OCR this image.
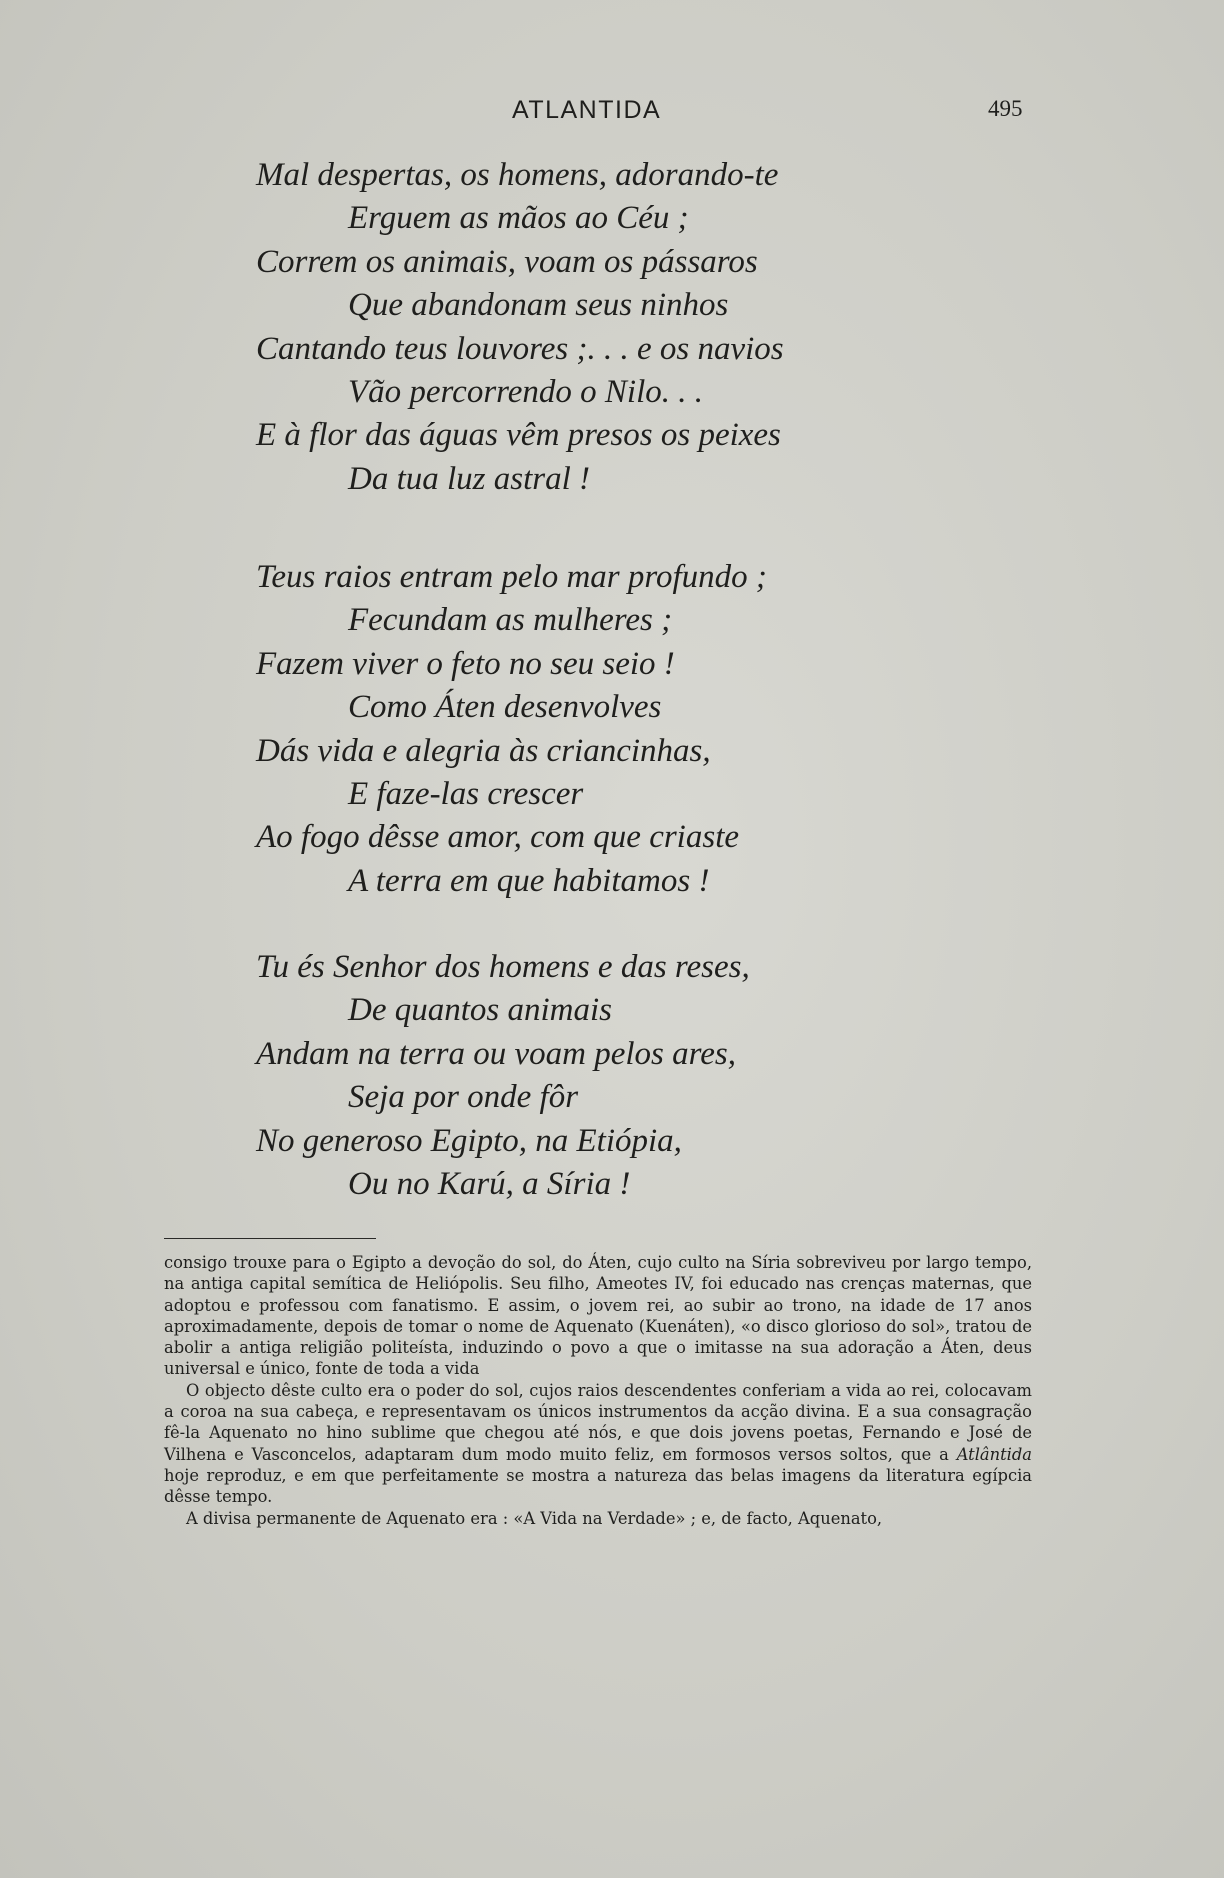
ATLANTIDA	495
Mal despertas, os homens, adorando-te
Erguem as mãos ao Céu ;
Correm os animais, voam os pássaros
Que abandonam seus ninhos
Cantando teus louvores ;. . . e os navios
Vão percorrendo o Nilo. . .
E à flor das águas vêm presos os peixes
Da tua luz astral !
Teus raios entram pelo mar profundo ;
Fecundam as mulheres ;
Fazem viver o feto no seu seio !
Como Áten desenvolves
Dás vida e alegria às criancinhas,
E faze-las crescer
Ao fogo dêsse amor, com que criaste
A terra em que habitamos !
Tu és Senhor dos homens e das reses,
De quantos animais
Andam na terra ou voam pelos ares,
Seja por onde fôr
No generoso Egipto, na Etiópia,
Ou no Karú, a Síria !

consigo trouxe para o Egipto a devoção do sol, do Áten, cujo culto na Síria sobreviveu por largo tempo, na antiga capital semítica de Heliópolis. Seu filho, Ameotes IV, foi educado nas crenças maternas, que adoptou e professou com fanatismo. E assim, o jovem rei, ao subir ao trono, na idade de 17 anos aproximadamente, depois de tomar o nome de Aquenato (Kuenáten), «o disco glorioso do sol», tratou de abolir a antiga religião politeísta, induzindo o povo a que o imitasse na sua adoração a Áten, deus universal e único, fonte de toda a vida

O objecto dêste culto era o poder do sol, cujos raios descendentes conferiam a vida ao rei, colocavam a coroa na sua cabeça, e representavam os únicos instrumentos da acção divina. E a sua consagração fê-la Aquenato no hino sublime que chegou até nós, e que dois jovens poetas, Fernando e José de Vilhena e Vasconcelos, adaptaram dum modo muito feliz, em formosos versos soltos, que a Atlântida hoje reproduz, e em que perfeitamente se mostra a natureza das belas imagens da literatura egípcia dêsse tempo.

A divisa permanente de Aquenato era : «A Vida na Verdade» ; e, de facto, Aquenato,
